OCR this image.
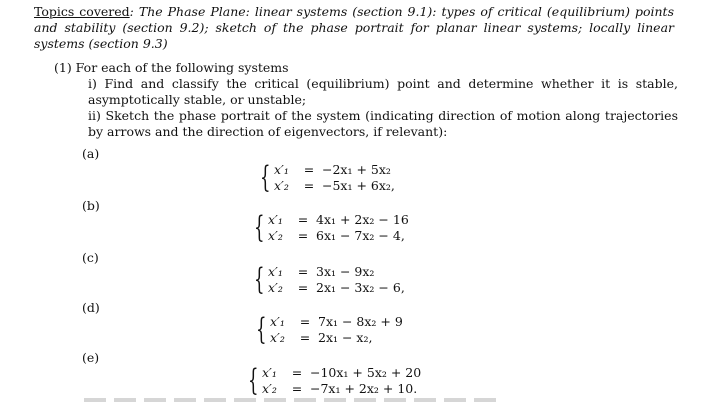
Topics covered: The Phase Plane: linear systems (section 9.1): types of critical (equilibrium) points and stability (section 9.2); sketch of the phase portrait for planar linear systems; locally linear systems (section 9.3)
(1) For each of the following systems
i) Find and classify the critical (equilibrium) point and determine whether it is stable, asymptotically stable, or unstable;
ii) Sketch the phase portrait of the system (indicating direction of motion along trajectories by arrows and the direction of eigenvectors, if relevant):
(a)
{ x′₁ = −2x₁ + 5x₂
x′₂ = −5x₁ + 6x₂,
(b)
{ x′₁ = 4x₁ + 2x₂ − 16
x′₂ = 6x₁ − 7x₂ − 4,
(c)
{ x′₁ = 3x₁ − 9x₂
x′₂ = 2x₁ − 3x₂ − 6,
(d)
{ x′₁ = 7x₁ − 8x₂ + 9
x′₂ = 2x₁ − x₂,
(e)
{ x′₁ = −10x₁ + 5x₂ + 20
x′₂ = −7x₁ + 2x₂ + 10.
